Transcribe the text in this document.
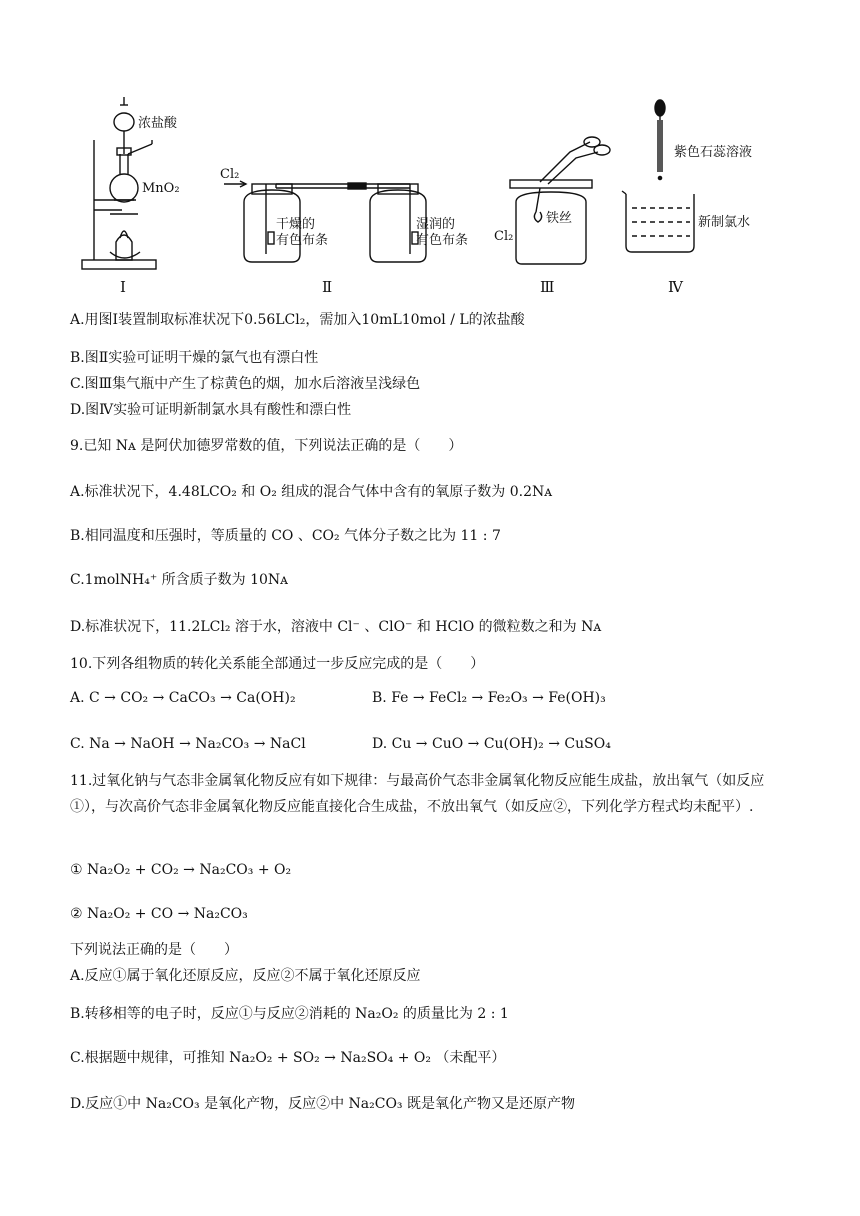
浓盐酸
MnO₂
Ⅰ
Cl₂
干燥的
有色布条
湿润的
有色布条
Ⅱ
Cl₂
铁丝
Ⅲ
紫色石蕊溶液
新制氯水
Ⅳ
A.用图Ⅰ装置制取标准状况下0.56LCl₂，需加入10mL10mol / L的浓盐酸
B.图Ⅱ实验可证明干燥的氯气也有漂白性
C.图Ⅲ集气瓶中产生了棕黄色的烟，加水后溶液呈浅绿色
D.图Ⅳ实验可证明新制氯水具有酸性和漂白性
9.已知 Nᴀ 是阿伏加德罗常数的值，下列说法正确的是（　　）
A.标准状况下，4.48LCO₂ 和 O₂ 组成的混合气体中含有的氧原子数为 0.2Nᴀ
B.相同温度和压强时，等质量的 CO 、CO₂ 气体分子数之比为 11 : 7
C.1molNH₄⁺ 所含质子数为 10Nᴀ
D.标准状况下，11.2LCl₂ 溶于水，溶液中 Cl⁻ 、ClO⁻ 和 HClO 的微粒数之和为 Nᴀ
10.下列各组物质的转化关系能全部通过一步反应完成的是（　　）
A. C → CO₂ → CaCO₃ → Ca(OH)₂	B. Fe → FeCl₂ → Fe₂O₃ → Fe(OH)₃
C. Na → NaOH → Na₂CO₃ → NaCl	D. Cu → CuO → Cu(OH)₂ → CuSO₄
11.过氧化钠与气态非金属氧化物反应有如下规律：与最高价气态非金属氧化物反应能生成盐，放出氧气（如反应①），与次高价气态非金属氧化物反应能直接化合生成盐，不放出氧气（如反应②，下列化学方程式均未配平）.
① Na₂O₂ + CO₂ → Na₂CO₃ + O₂
② Na₂O₂ + CO → Na₂CO₃
下列说法正确的是（　　）
A.反应①属于氧化还原反应，反应②不属于氧化还原反应
B.转移相等的电子时，反应①与反应②消耗的 Na₂O₂ 的质量比为 2 : 1
C.根据题中规律，可推知 Na₂O₂ + SO₂ → Na₂SO₄ + O₂ （未配平）
D.反应①中 Na₂CO₃ 是氧化产物，反应②中 Na₂CO₃ 既是氧化产物又是还原产物
